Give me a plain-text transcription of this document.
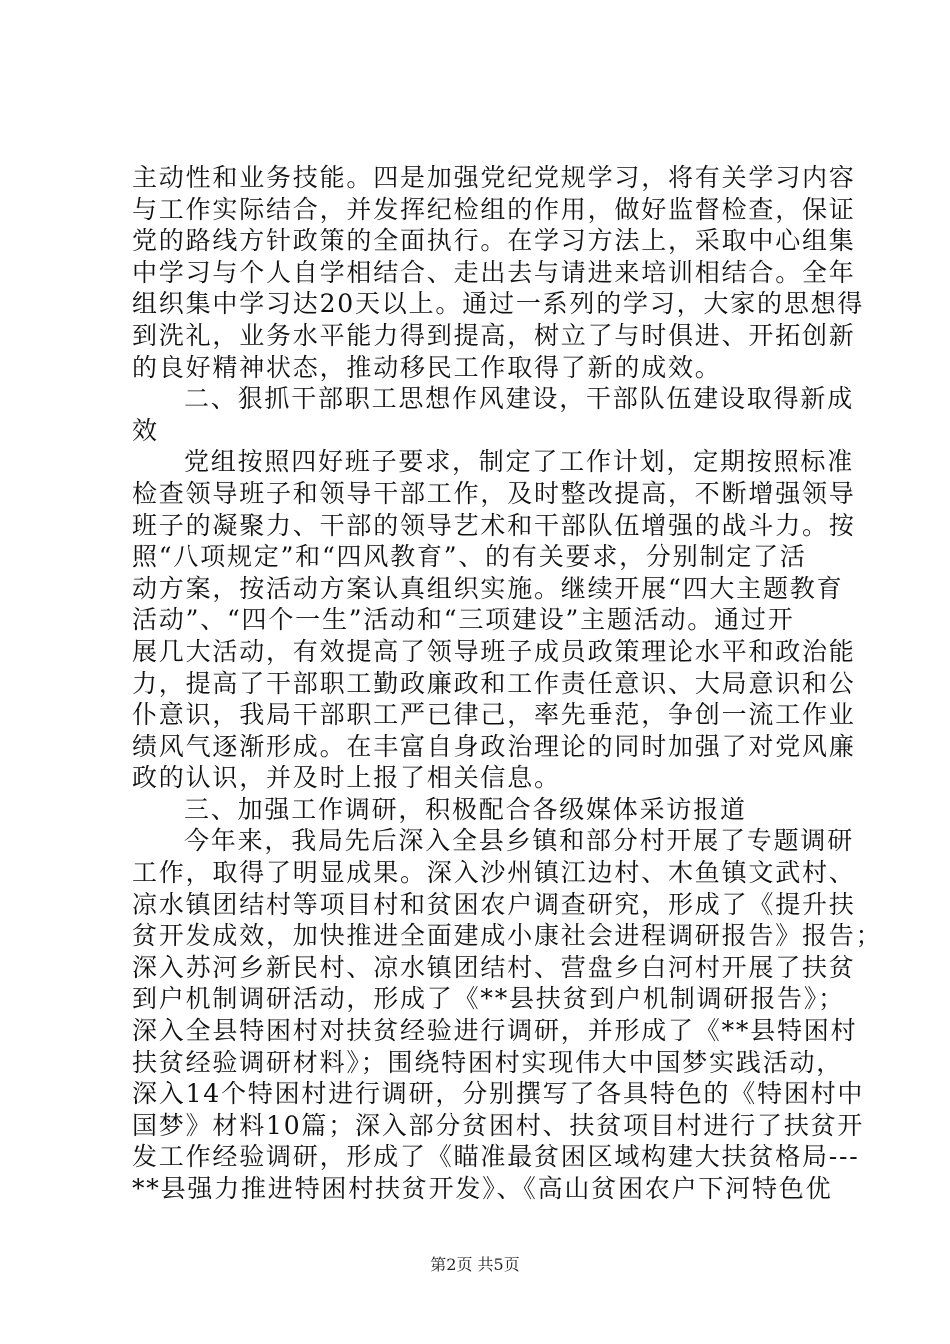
主动性和业务技能。四是加强党纪党规学习，将有关学习内容
与工作实际结合，并发挥纪检组的作用，做好监督检查，保证
党的路线方针政策的全面执行。在学习方法上，采取中心组集
中学习与个人自学相结合、走出去与请进来培训相结合。全年
组织集中学习达20天以上。通过一系列的学习，大家的思想得
到洗礼，业务水平能力得到提高，树立了与时俱进、开拓创新
的良好精神状态，推动移民工作取得了新的成效。
二、狠抓干部职工思想作风建设，干部队伍建设取得新成
效
党组按照四好班子要求，制定了工作计划，定期按照标准
检查领导班子和领导干部工作，及时整改提高，不断增强领导
班子的凝聚力、干部的领导艺术和干部队伍增强的战斗力。按
照“八项规定”和“四风教育”、的有关要求，分别制定了活
动方案，按活动方案认真组织实施。继续开展“四大主题教育
活动”、“四个一生”活动和“三项建设”主题活动。通过开
展几大活动，有效提高了领导班子成员政策理论水平和政治能
力，提高了干部职工勤政廉政和工作责任意识、大局意识和公
仆意识，我局干部职工严已律己，率先垂范，争创一流工作业
绩风气逐渐形成。在丰富自身政治理论的同时加强了对党风廉
政的认识，并及时上报了相关信息。
三、加强工作调研，积极配合各级媒体采访报道
今年来，我局先后深入全县乡镇和部分村开展了专题调研
工作，取得了明显成果。深入沙州镇江边村、木鱼镇文武村、
凉水镇团结村等项目村和贫困农户调查研究，形成了《提升扶
贫开发成效，加快推进全面建成小康社会进程调研报告》报告；
深入苏河乡新民村、凉水镇团结村、营盘乡白河村开展了扶贫
到户机制调研活动，形成了《**县扶贫到户机制调研报告》；
深入全县特困村对扶贫经验进行调研，并形成了《**县特困村
扶贫经验调研材料》；围绕特困村实现伟大中国梦实践活动，
深入14个特困村进行调研，分别撰写了各具特色的《特困村中
国梦》材料10篇；深入部分贫困村、扶贫项目村进行了扶贫开
发工作经验调研，形成了《瞄准最贫困区域构建大扶贫格局---
**县强力推进特困村扶贫开发》、《高山贫困农户下河特色优
第2页 共5页
